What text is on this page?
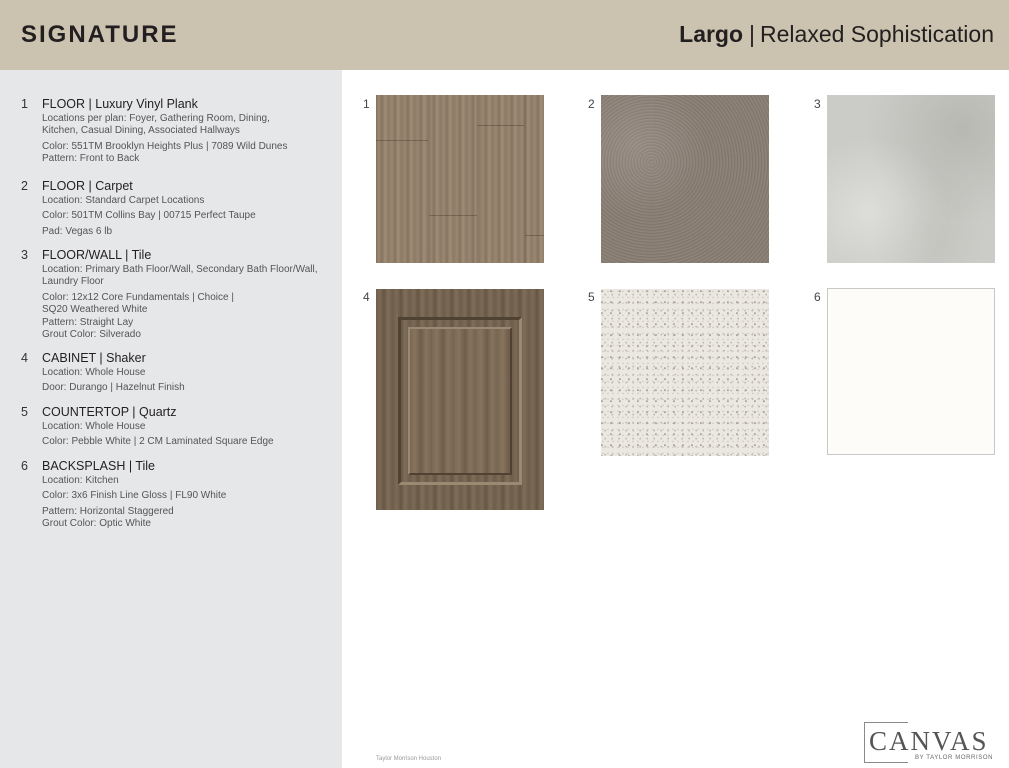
SIGNATURE	Largo | Relaxed Sophistication
1 FLOOR | Luxury Vinyl Plank
Locations per plan: Foyer, Gathering Room, Dining,
Kitchen, Casual Dining, Associated Hallways
Color: 551TM Brooklyn Heights Plus | 7089 Wild Dunes
Pattern: Front to Back
2 FLOOR | Carpet
Location: Standard Carpet Locations
Color: 501TM Collins Bay | 00715 Perfect Taupe
Pad: Vegas 6 lb
3 FLOOR/WALL | Tile
Location: Primary Bath Floor/Wall, Secondary Bath Floor/Wall,
Laundry Floor
Color: 12x12 Core Fundamentals | Choice |
SQ20 Weathered White
Pattern: Straight Lay
Grout Color: Silverado
4 CABINET | Shaker
Location: Whole House
Door: Durango | Hazelnut Finish
5 COUNTERTOP | Quartz
Location: Whole House
Color: Pebble White | 2 CM Laminated Square Edge
6 BACKSPLASH | Tile
Location: Kitchen
Color: 3x6 Finish Line Gloss | FL90 White
Pattern: Horizontal Staggered
Grout Color: Optic White
1	2	3
4	5	6
Taylor Morrison Houston
CANVAS
BY TAYLOR MORRISON
